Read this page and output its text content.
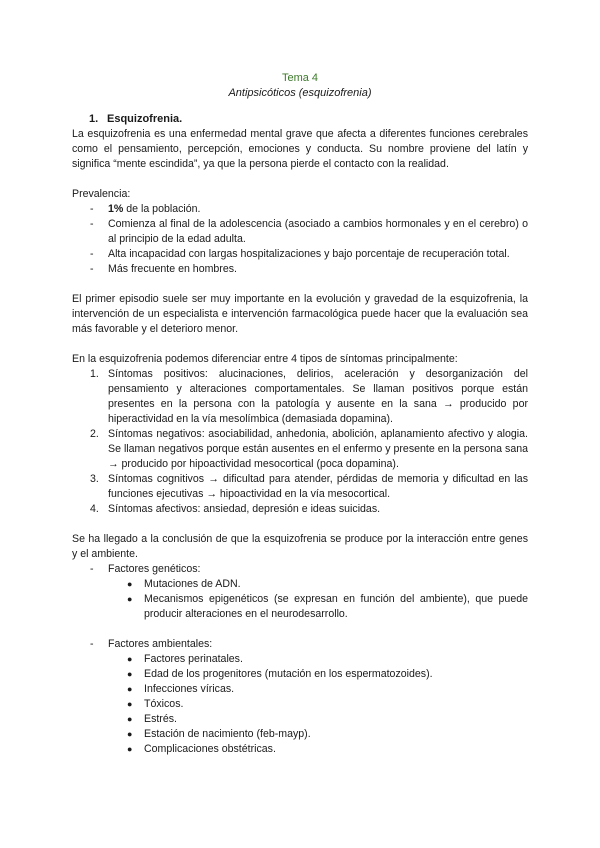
Tema 4
Antipsicóticos (esquizofrenia)
1. Esquizofrenia.

La esquizofrenia es una enfermedad mental grave que afecta a diferentes funciones cerebrales como el pensamiento, percepción, emociones y conducta. Su nombre proviene del latín y significa “mente escindida”, ya que la persona pierde el contacto con la realidad.

Prevalencia:

- 1% de la población.
- Comienza al final de la adolescencia (asociado a cambios hormonales y en el cerebro) o al principio de la edad adulta.
- Alta incapacidad con largas hospitalizaciones y bajo porcentaje de recuperación total.
- Más frecuente en hombres.

El primer episodio suele ser muy importante en la evolución y gravedad de la esquizofrenia, la intervención de un especialista e intervención farmacológica puede hacer que la evaluación sea más favorable y el deterioro menor.

En la esquizofrenia podemos diferenciar entre 4 tipos de síntomas principalmente:

1. Síntomas positivos: alucinaciones, delirios, aceleración y desorganización del pensamiento y alteraciones comportamentales. Se llaman positivos porque están presentes en la persona con la patología y ausente en la sana → producido por hiperactividad en la vía mesolímbica (demasiada dopamina).
2. Síntomas negativos: asociabilidad, anhedonia, abolición, aplanamiento afectivo y alogia. Se llaman negativos porque están ausentes en el enfermo y presente en la persona sana → producido por hipoactividad mesocortical (poca dopamina).
3. Síntomas cognitivos → dificultad para atender, pérdidas de memoria y dificultad en las funciones ejecutivas → hipoactividad en la vía mesocortical.
4. Síntomas afectivos: ansiedad, depresión e ideas suicidas.

Se ha llegado a la conclusión de que la esquizofrenia se produce por la interacción entre genes y el ambiente.

- Factores genéticos:
● Mutaciones de ADN.
● Mecanismos epigenéticos (se expresan en función del ambiente), que puede producir alteraciones en el neurodesarrollo.
- Factores ambientales:
● Factores perinatales.
● Edad de los progenitores (mutación en los espermatozoides).
● Infecciones víricas.
● Tóxicos.
● Estrés.
● Estación de nacimiento (feb-mayp).
● Complicaciones obstétricas.
